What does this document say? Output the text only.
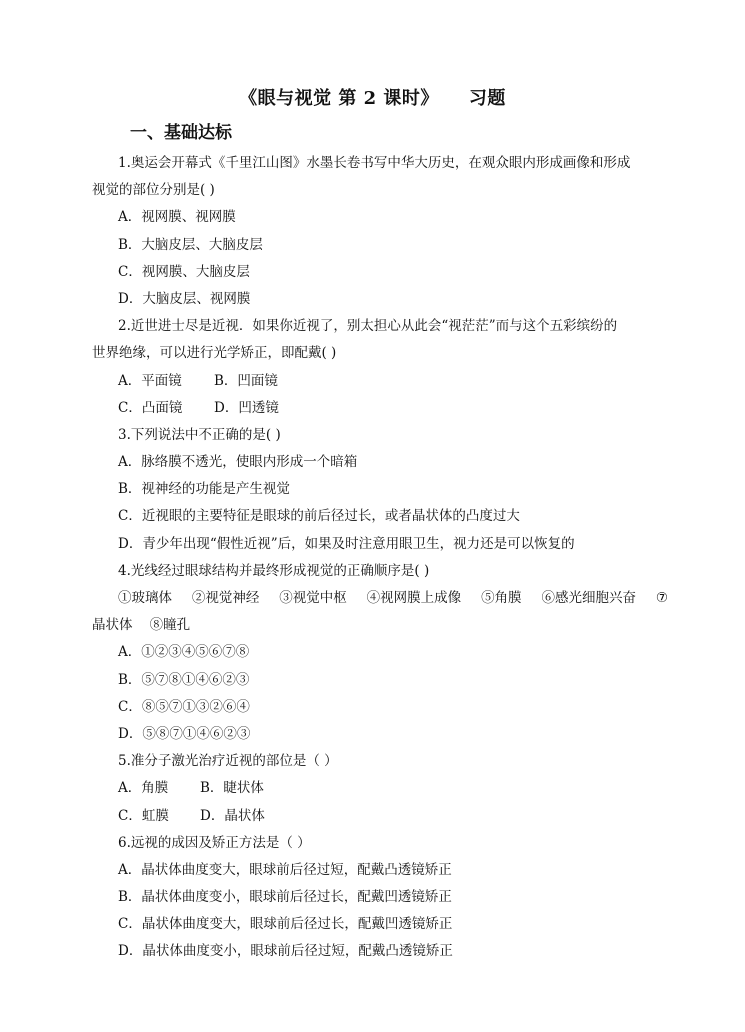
《眼与视觉 第 2 课时》 习题
一、基础达标
1.奥运会开幕式《千里江山图》水墨长卷书写中华大历史，在观众眼内形成画像和形成
视觉的部位分别是( )
A．视网膜、视网膜
B．大脑皮层、大脑皮层
C．视网膜、大脑皮层
D．大脑皮层、视网膜
2.近世进士尽是近视．如果你近视了，别太担心从此会“视茫茫”而与这个五彩缤纷的
世界绝缘，可以进行光学矫正，即配戴( )
A．平面镜 B．凹面镜
C．凸面镜 D．凹透镜
3.下列说法中不正确的是( )
A．脉络膜不透光，使眼内形成一个暗箱
B．视神经的功能是产生视觉
C．近视眼的主要特征是眼球的前后径过长，或者晶状体的凸度过大
D．青少年出现“假性近视”后，如果及时注意用眼卫生，视力还是可以恢复的
4.光线经过眼球结构并最终形成视觉的正确顺序是( )
①玻璃体 ②视觉神经 ③视觉中枢 ④视网膜上成像 ⑤角膜 ⑥感光细胞兴奋 ⑦
晶状体    ⑧瞳孔
A．①②③④⑤⑥⑦⑧
B．⑤⑦⑧①④⑥②③
C．⑧⑤⑦①③②⑥④
D．⑤⑧⑦①④⑥②③
5.准分子激光治疗近视的部位是（ ）
A．角膜 B．睫状体
C．虹膜 D．晶状体
6.远视的成因及矫正方法是（ ）
A．晶状体曲度变大，眼球前后径过短，配戴凸透镜矫正
B．晶状体曲度变小，眼球前后径过长，配戴凹透镜矫正
C．晶状体曲度变大，眼球前后径过长，配戴凹透镜矫正
D．晶状体曲度变小，眼球前后径过短，配戴凸透镜矫正
